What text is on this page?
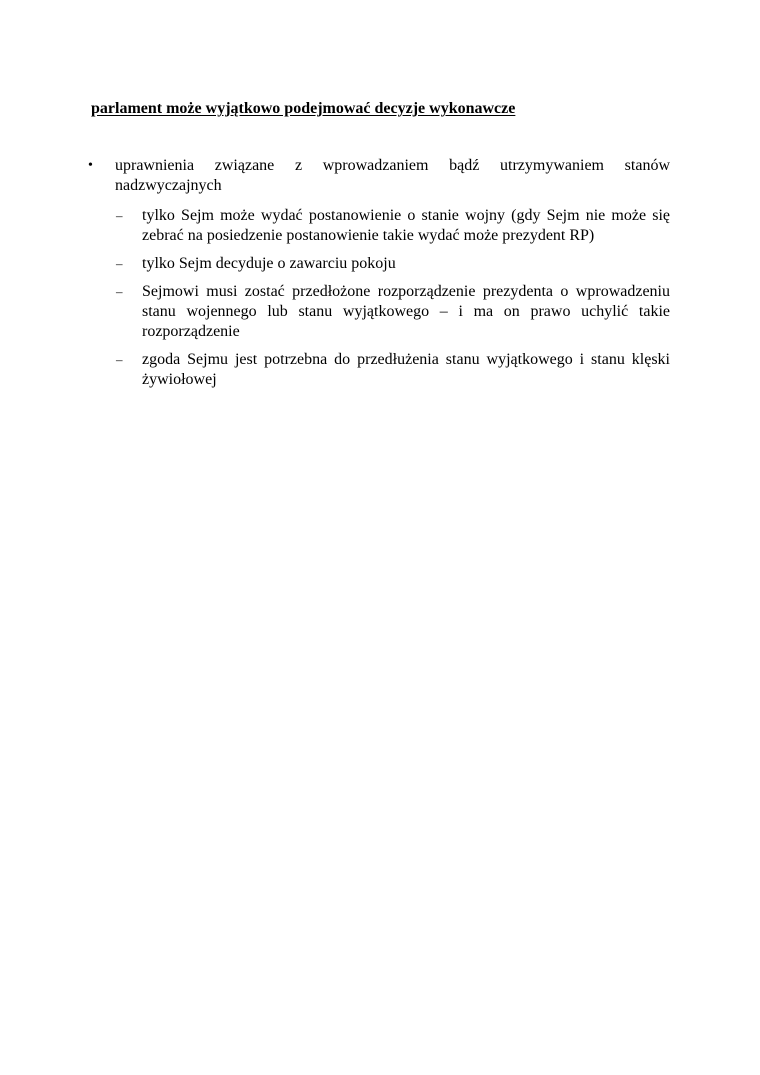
parlament może wyjątkowo podejmować decyzje wykonawcze
• uprawnienia związane z wprowadzaniem bądź utrzymywaniem stanów nadzwyczajnych
– tylko Sejm może wydać postanowienie o stanie wojny (gdy Sejm nie może się zebrać na posiedzenie postanowienie takie wydać może prezydent RP)
– tylko Sejm decyduje o zawarciu pokoju
– Sejmowi musi zostać przedłożone rozporządzenie prezydenta o wprowadzeniu stanu wojennego lub stanu wyjątkowego – i ma on prawo uchylić takie rozporządzenie
– zgoda Sejmu jest potrzebna do przedłużenia stanu wyjątkowego i stanu klęski żywiołowej
